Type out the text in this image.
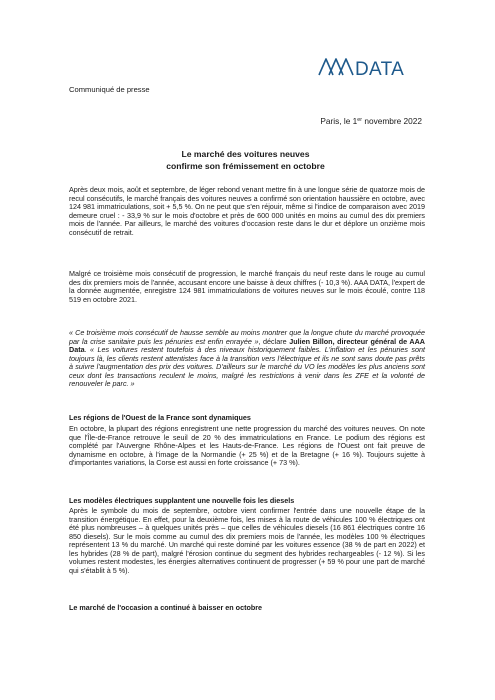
DATA
Communiqué de presse
Paris, le 1er novembre 2022
Le marché des voitures neuves
confirme son frémissement en octobre

Après deux mois, août et septembre, de léger rebond venant mettre fin à une longue série de quatorze mois de recul consécutifs, le marché français des voitures neuves a confirmé son orientation haussière en octobre, avec 124 981 immatriculations, soit + 5,5 %. On ne peut que s'en réjouir, même si l'indice de comparaison avec 2019 demeure cruel : - 33,9 % sur le mois d'octobre et près de 600 000 unités en moins au cumul des dix premiers mois de l'année. Par ailleurs, le marché des voitures d'occasion reste dans le dur et déplore un onzième mois consécutif de retrait.

Malgré ce troisième mois consécutif de progression, le marché français du neuf reste dans le rouge au cumul des dix premiers mois de l'année, accusant encore une baisse à deux chiffres (- 10,3 %). AAA DATA, l'expert de la donnée augmentée, enregistre 124 981 immatriculations de voitures neuves sur le mois écoulé, contre 118 519 en octobre 2021.

« Ce troisième mois consécutif de hausse semble au moins montrer que la longue chute du marché provoquée par la crise sanitaire puis les pénuries est enfin enrayée », déclare Julien Billon, directeur général de AAA Data. « Les voitures restent toutefois à des niveaux historiquement faibles. L'inflation et les pénuries sont toujours là, les clients restent attentistes face à la transition vers l'électrique et ils ne sont sans doute pas prêts à suivre l'augmentation des prix des voitures. D'ailleurs sur le marché du VO les modèles les plus anciens sont ceux dont les transactions reculent le moins, malgré les restrictions à venir dans les ZFE et la volonté de renouveler le parc. »

Les régions de l'Ouest de la France sont dynamiques

En octobre, la plupart des régions enregistrent une nette progression du marché des voitures neuves. On note que l'Île-de-France retrouve le seuil de 20 % des immatriculations en France. Le podium des régions est complété par l'Auvergne Rhône-Alpes et les Hauts-de-France. Les régions de l'Ouest ont fait preuve de dynamisme en octobre, à l'image de la Normandie (+ 25 %) et de la Bretagne (+ 16 %). Toujours sujette à d'importantes variations, la Corse est aussi en forte croissance (+ 73 %).

Les modèles électriques supplantent une nouvelle fois les diesels

Après le symbole du mois de septembre, octobre vient confirmer l'entrée dans une nouvelle étape de la transition énergétique. En effet, pour la deuxième fois, les mises à la route de véhicules 100 % électriques ont été plus nombreuses – à quelques unités près – que celles de véhicules diesels (16 861 électriques contre 16 850 diesels). Sur le mois comme au cumul des dix premiers mois de l'année, les modèles 100 % électriques représentent 13 % du marché. Un marché qui reste dominé par les voitures essence (38 % de part en 2022) et les hybrides (28 % de part), malgré l'érosion continue du segment des hybrides rechargeables (- 12 %). Si les volumes restent modestes, les énergies alternatives continuent de progresser (+ 59 % pour une part de marché qui s'établit à 5 %).

Le marché de l'occasion a continué à baisser en octobre
